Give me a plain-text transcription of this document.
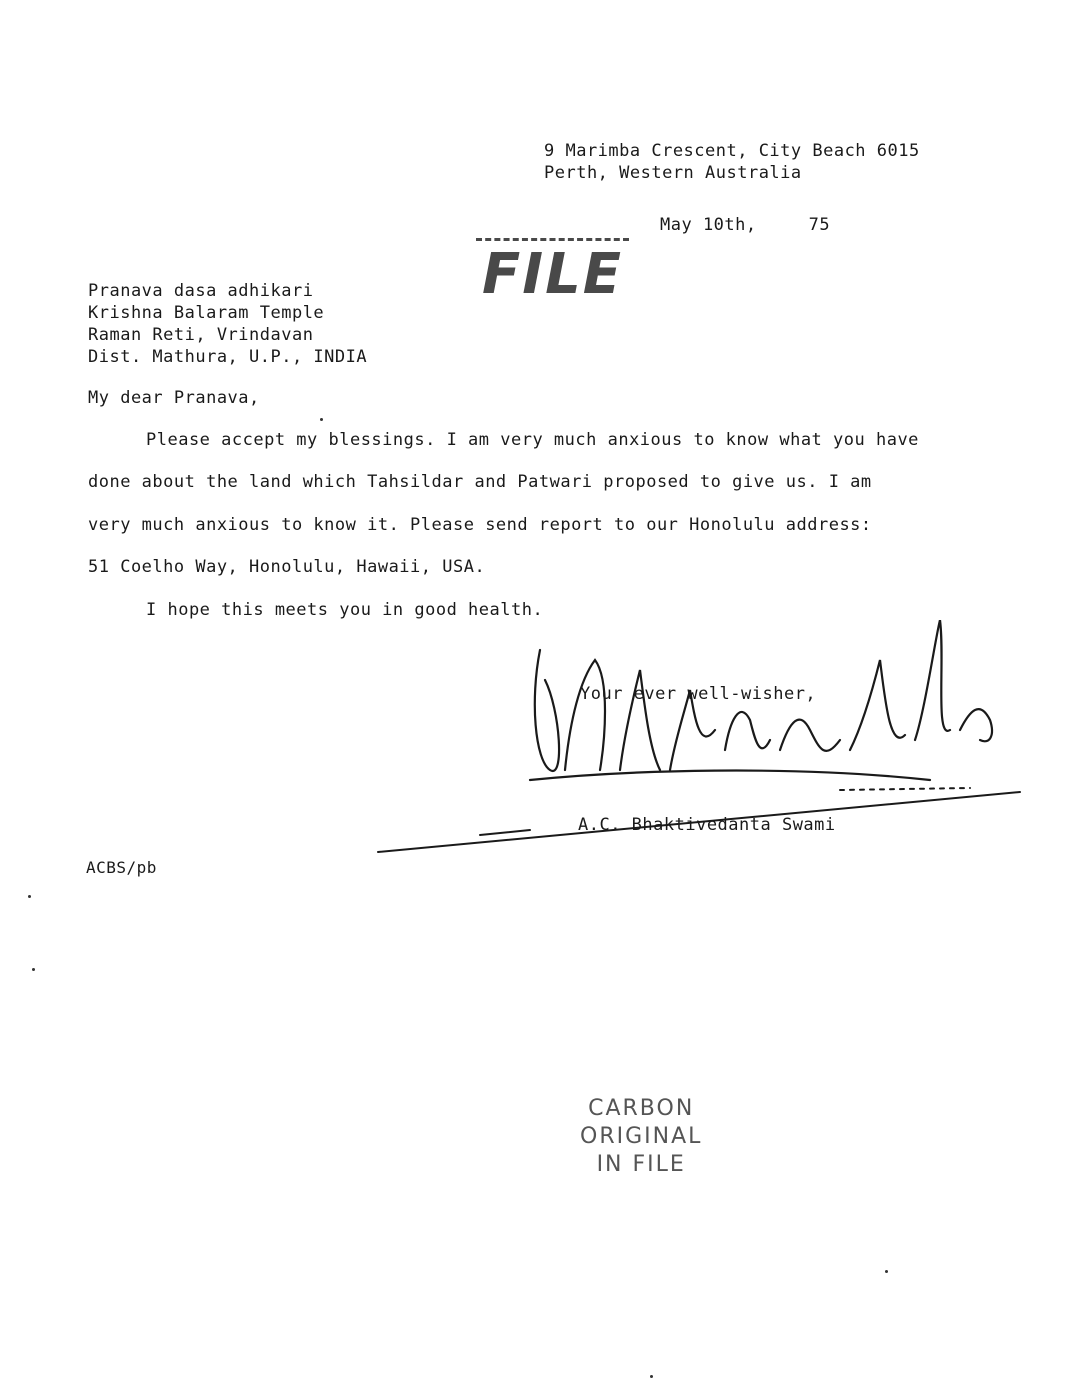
9 Marimba Crescent, City Beach 6015
Perth, Western Australia
May 10th,	75
FILE
Pranava dasa adhikari
Krishna Balaram Temple
Raman Reti, Vrindavan
Dist. Mathura, U.P., INDIA
My dear Pranava,
Please accept my blessings. I am very much anxious to know what you have
done about the land which Tahsildar and Patwari proposed to give us. I am
very much anxious to know it. Please send report to our Honolulu address:
51 Coelho Way, Honolulu, Hawaii, USA.
I hope this meets you in good health.
Your ever well-wisher,
A.C. Bhaktivedanta Swami
ACBS/pb
CARBON
ORIGINAL
IN FILE
